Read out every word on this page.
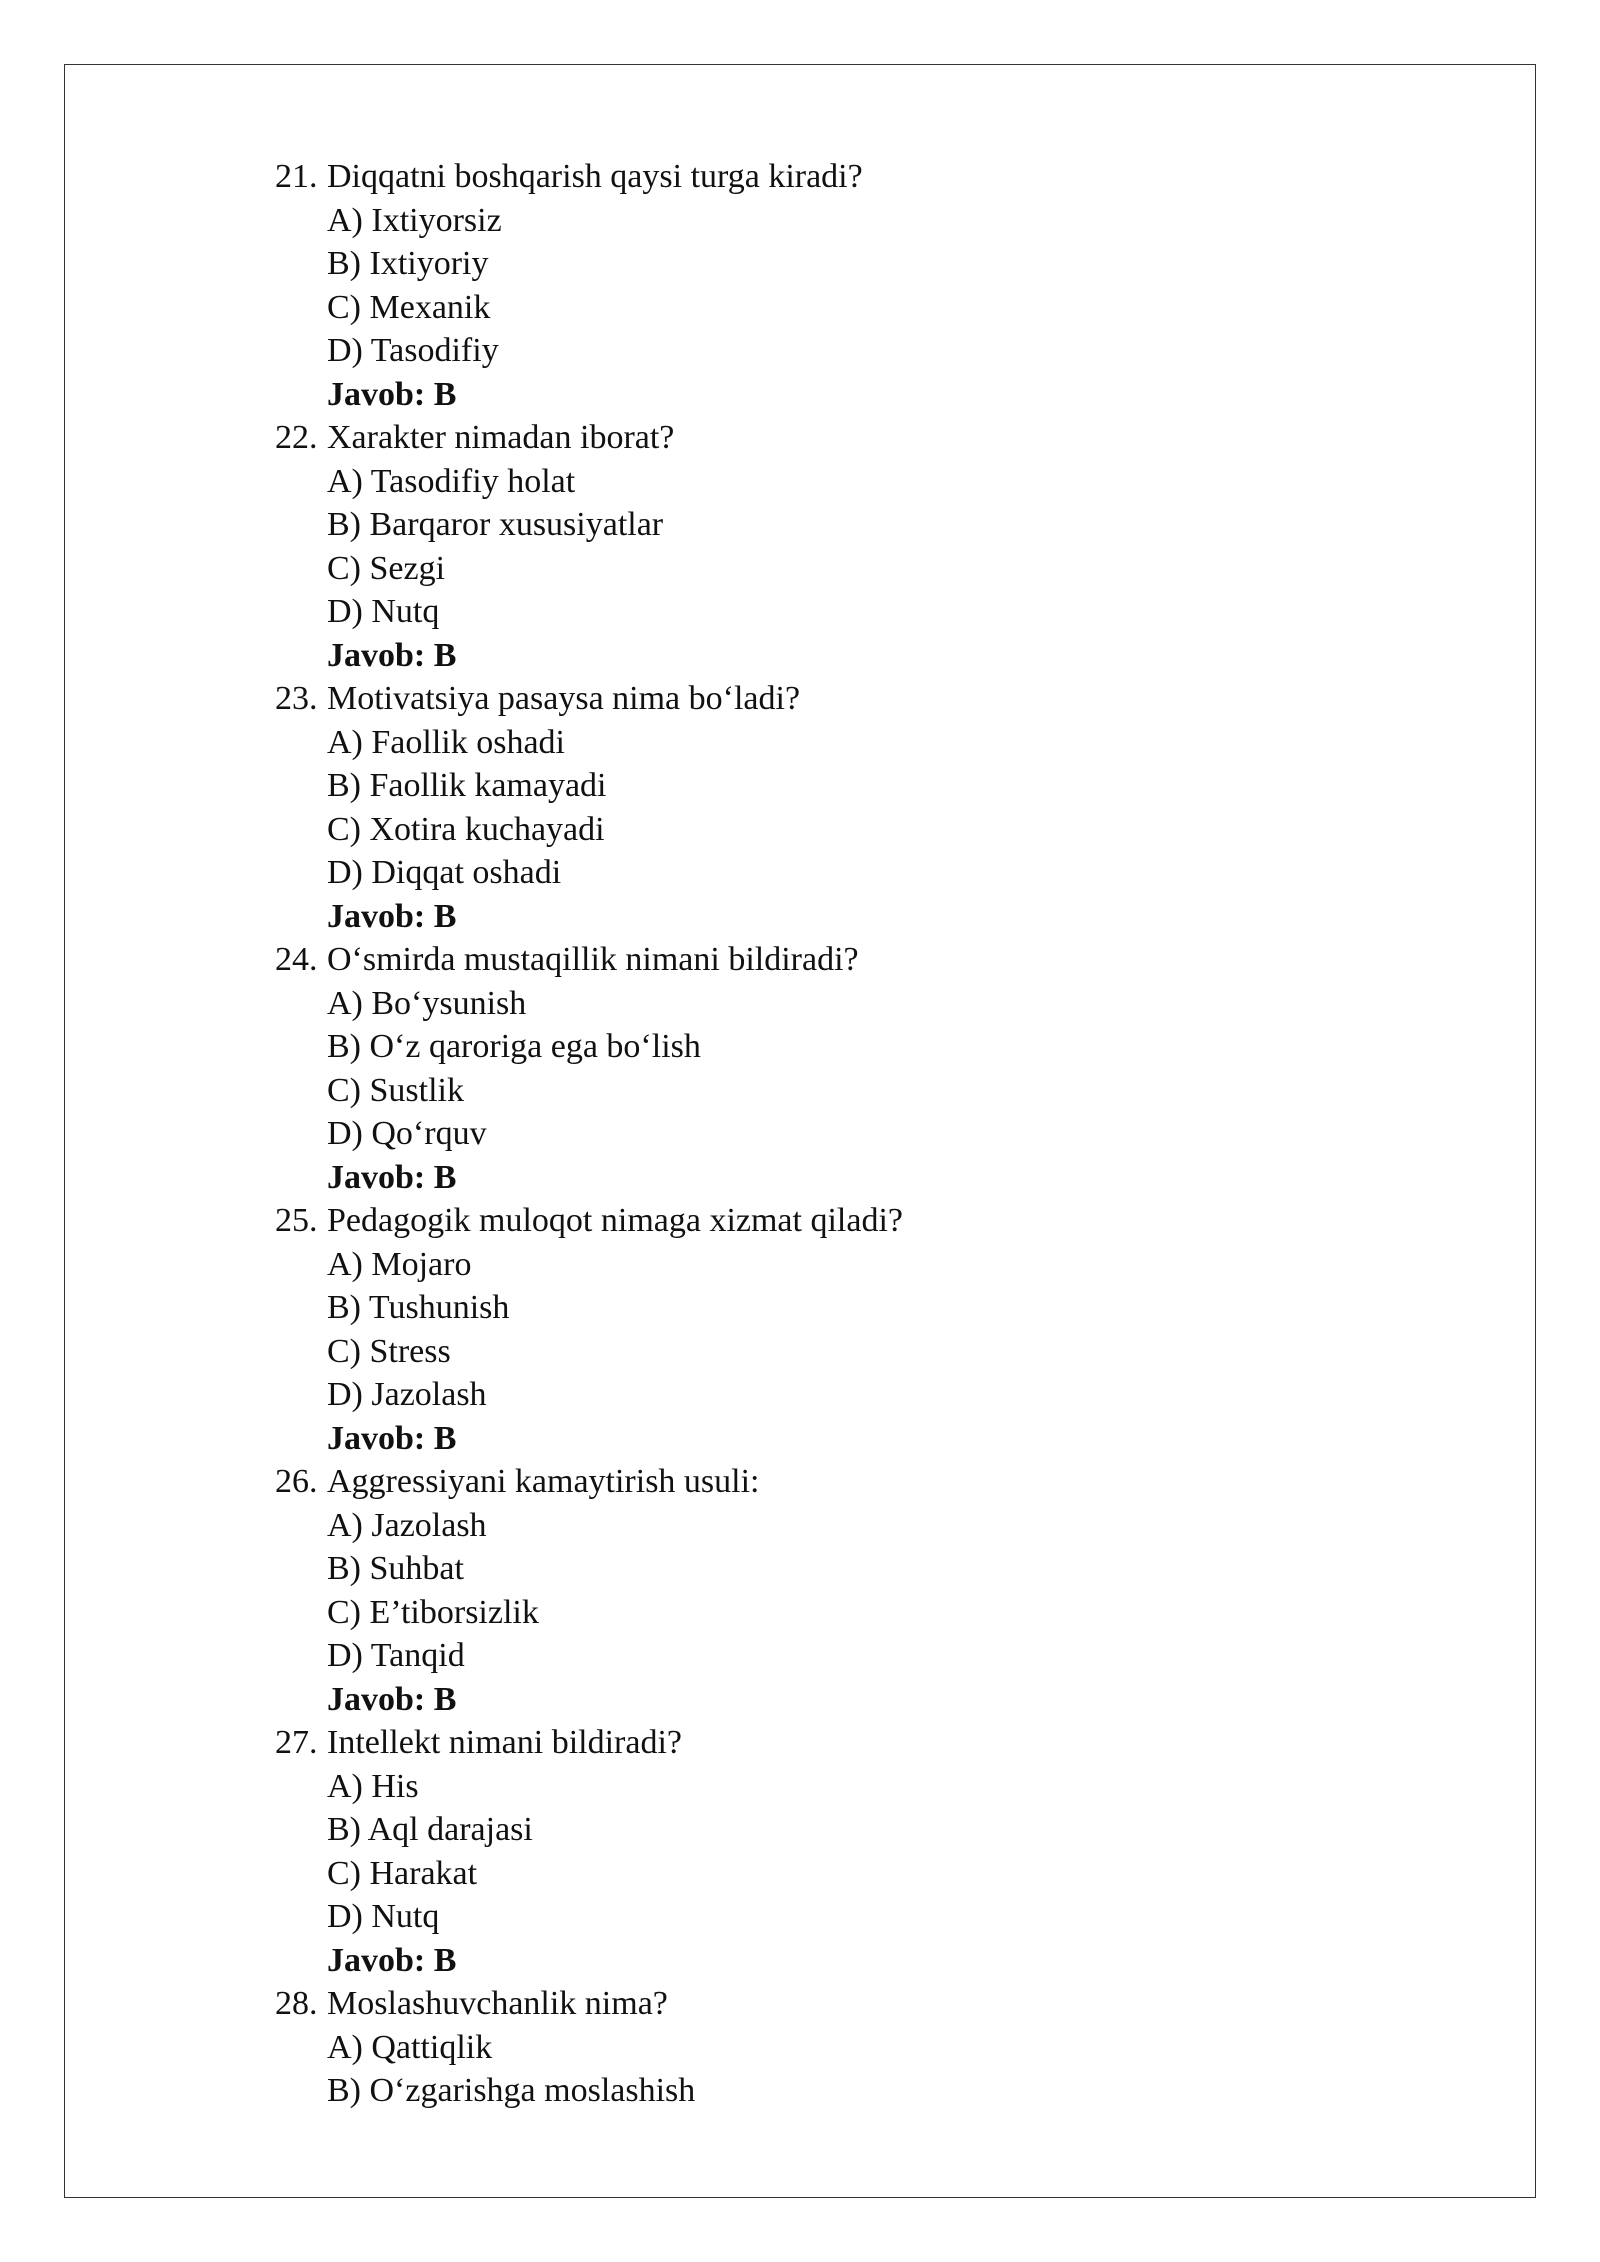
21. Diqqatni boshqarish qaysi turga kiradi?
A) Ixtiyorsiz
B) Ixtiyoriy
C) Mexanik
D) Tasodifiy
Javob: B
22. Xarakter nimadan iborat?
A) Tasodifiy holat
B) Barqaror xususiyatlar
C) Sezgi
D) Nutq
Javob: B
23. Motivatsiya pasaysa nima bo‘ladi?
A) Faollik oshadi
B) Faollik kamayadi
C) Xotira kuchayadi
D) Diqqat oshadi
Javob: B
24. O‘smirda mustaqillik nimani bildiradi?
A) Bo‘ysunish
B) O‘z qaroriga ega bo‘lish
C) Sustlik
D) Qo‘rquv
Javob: B
25. Pedagogik muloqot nimaga xizmat qiladi?
A) Mojaro
B) Tushunish
C) Stress
D) Jazolash
Javob: B
26. Aggressiyani kamaytirish usuli:
A) Jazolash
B) Suhbat
C) E’tiborsizlik
D) Tanqid
Javob: B
27. Intellekt nimani bildiradi?
A) His
B) Aql darajasi
C) Harakat
D) Nutq
Javob: B
28. Moslashuvchanlik nima?
A) Qattiqlik
B) O‘zgarishga moslashish
